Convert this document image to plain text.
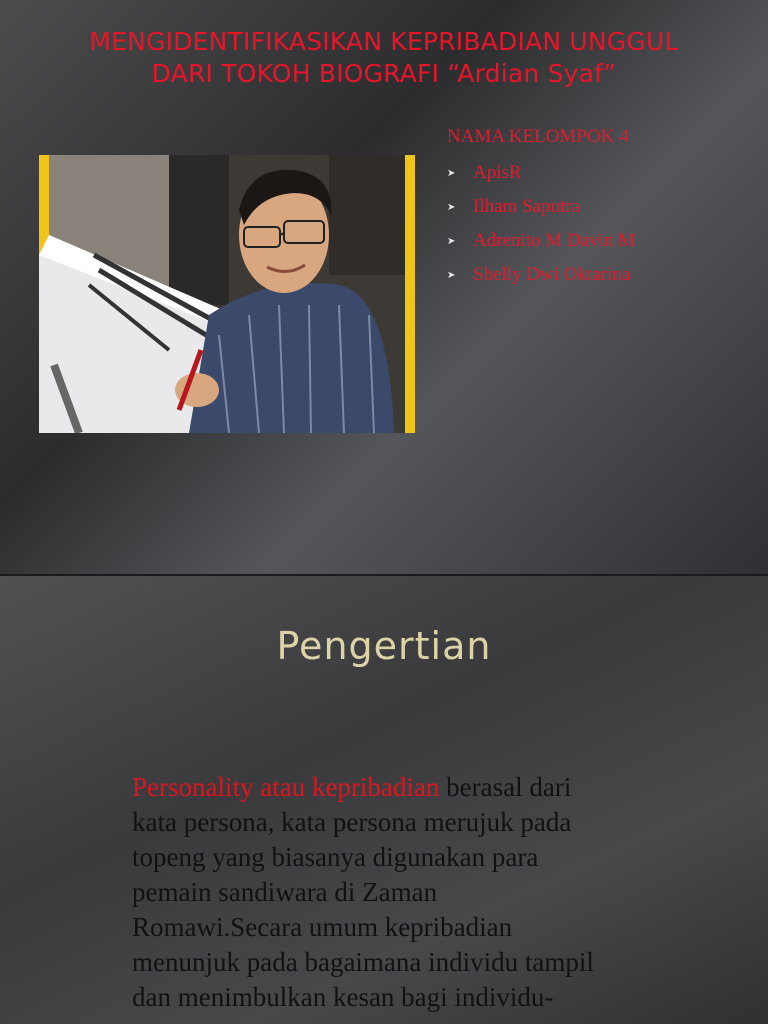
MENGIDENTIFIKASIKAN KEPRIBADIAN UNGGUL
DARI TOKOH BIOGRAFI “Ardian Syaf”
NAMA KELOMPOK 4
➤ ApisR
➤ Ilham Saputra
➤ Adrenito M Davin M
➤ Shelly Dwi Oktarina
Pengertian
Personality atau kepribadian berasal dari
kata persona, kata persona merujuk pada
topeng yang biasanya digunakan para
pemain sandiwara di Zaman
Romawi.Secara umum kepribadian
menunjuk pada bagaimana individu tampil
dan menimbulkan kesan bagi individu-
